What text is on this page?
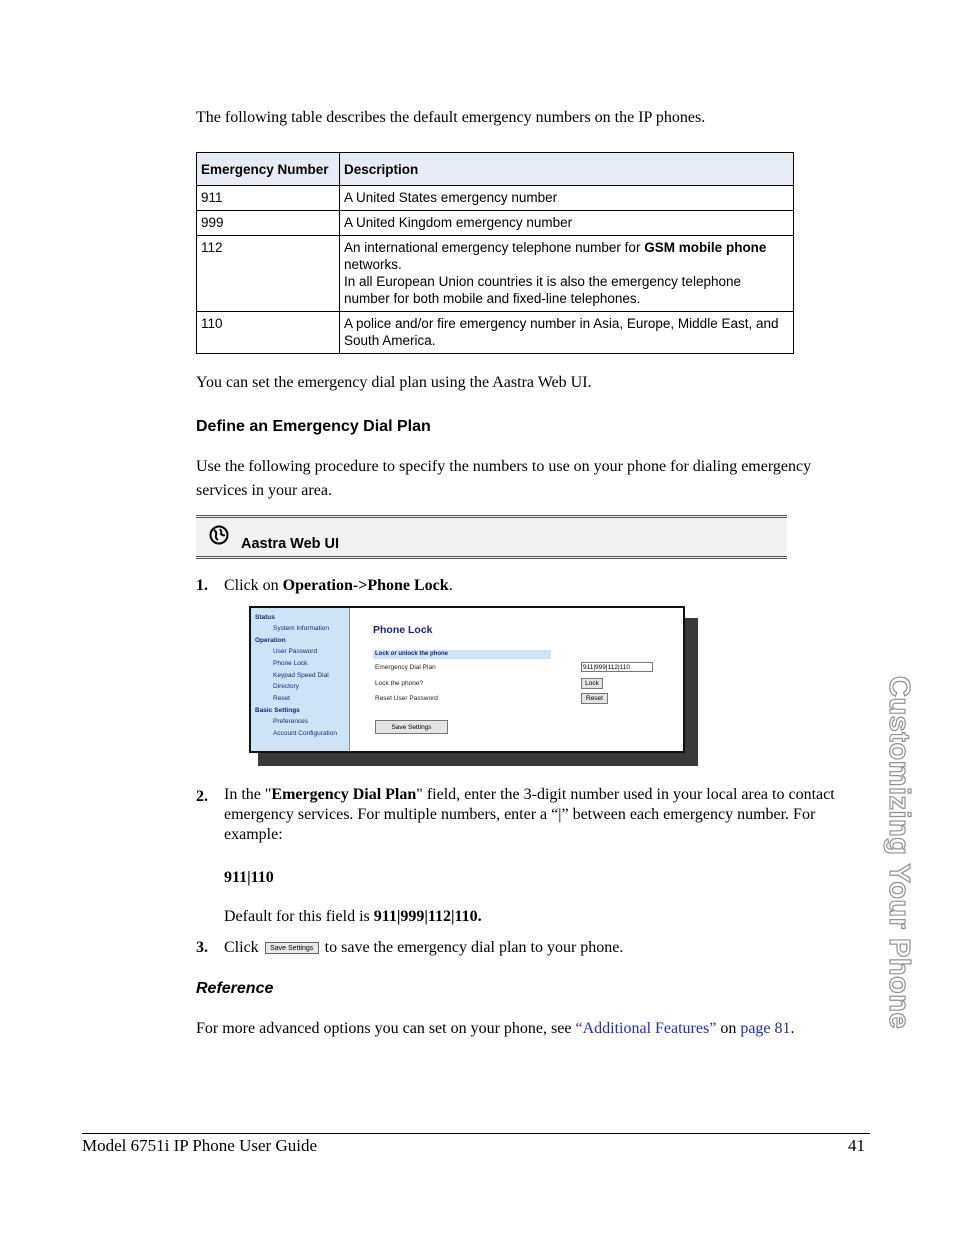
The following table describes the default emergency numbers on the IP phones.
Emergency Number	Description
911	A United States emergency number
999	A United Kingdom emergency number
112	An international emergency telephone number for GSM mobile phone networks.
In all European Union countries it is also the emergency telephone number for both mobile and fixed-line telephones.
110	A police and/or fire emergency number in Asia, Europe, Middle East, and South America.
You can set the emergency dial plan using the Aastra Web UI.
Define an Emergency Dial Plan
Use the following procedure to specify the numbers to use on your phone for dialing emergency services in your area.
Aastra Web UI
1. Click on Operation->Phone Lock.
Status
System Information
Operation
User Password
Phone Lock
Keypad Speed Dial
Directory
Reset
Basic Settings
Preferences
Account Configuration
Phone Lock
Lock or unlock the phone
Emergency Dial Plan	911|999|112|110
Lock the phone?	Lock
Reset User Password	Reset
Save Settings
2. In the "Emergency Dial Plan" field, enter the 3-digit number used in your local area to contact emergency services. For multiple numbers, enter a “|” between each emergency number. For example:
911|110
Default for this field is 911|999|112|110.
3. Click Save Settings to save the emergency dial plan to your phone.
Reference
For more advanced options you can set on your phone, see “Additional Features” on page 81.	Customizing Your Phone
Model 6751i IP Phone User Guide	41
